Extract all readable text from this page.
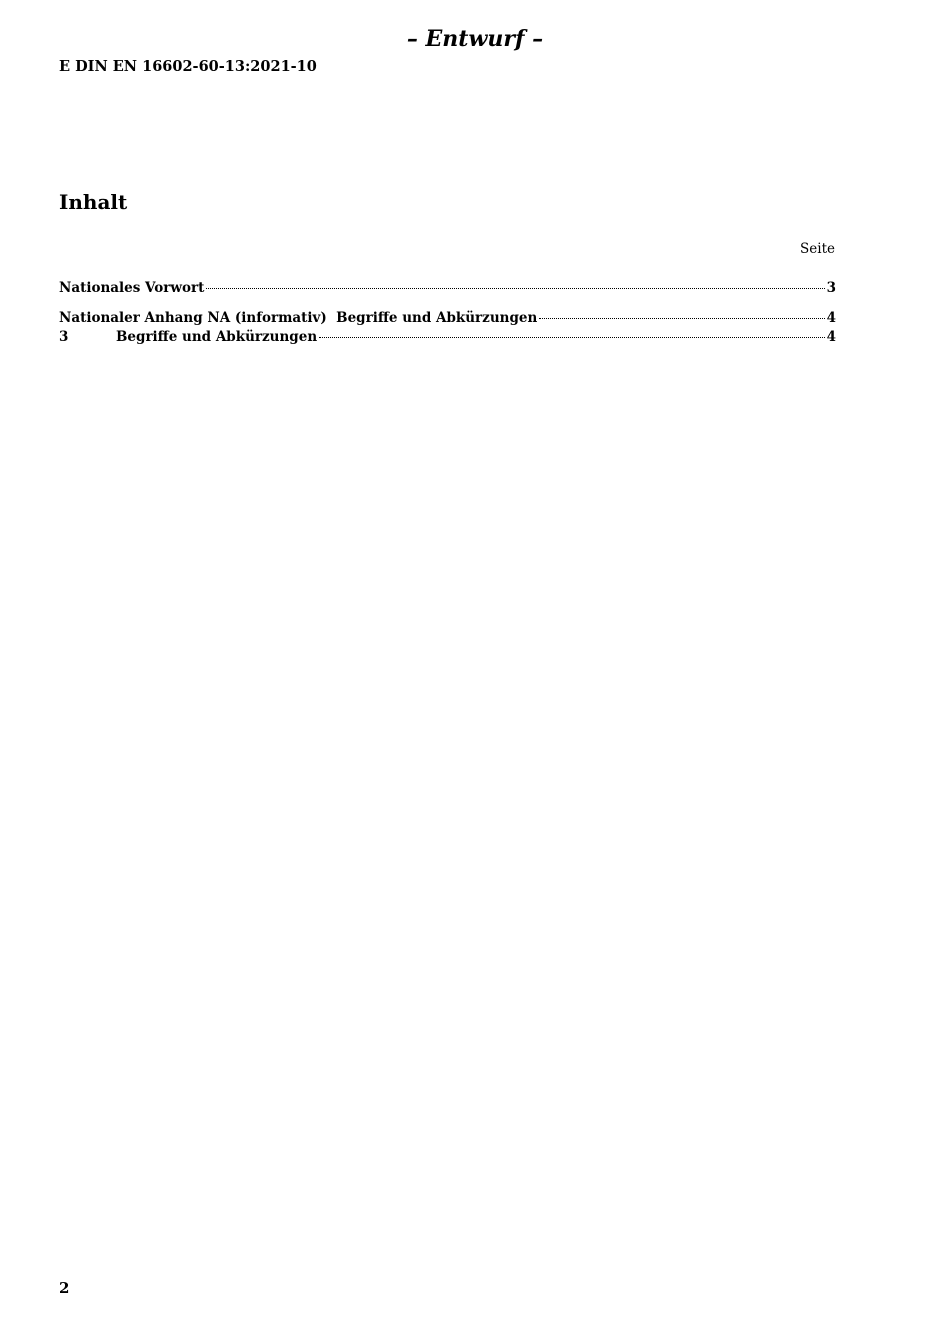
– Entwurf –
E DIN EN 16602-60-13:2021-10
Inhalt
Seite
Nationales Vorwort	3
Nationaler Anhang NA (informativ)  Begriffe und Abkürzungen	4
3	Begriffe und Abkürzungen	4
2
